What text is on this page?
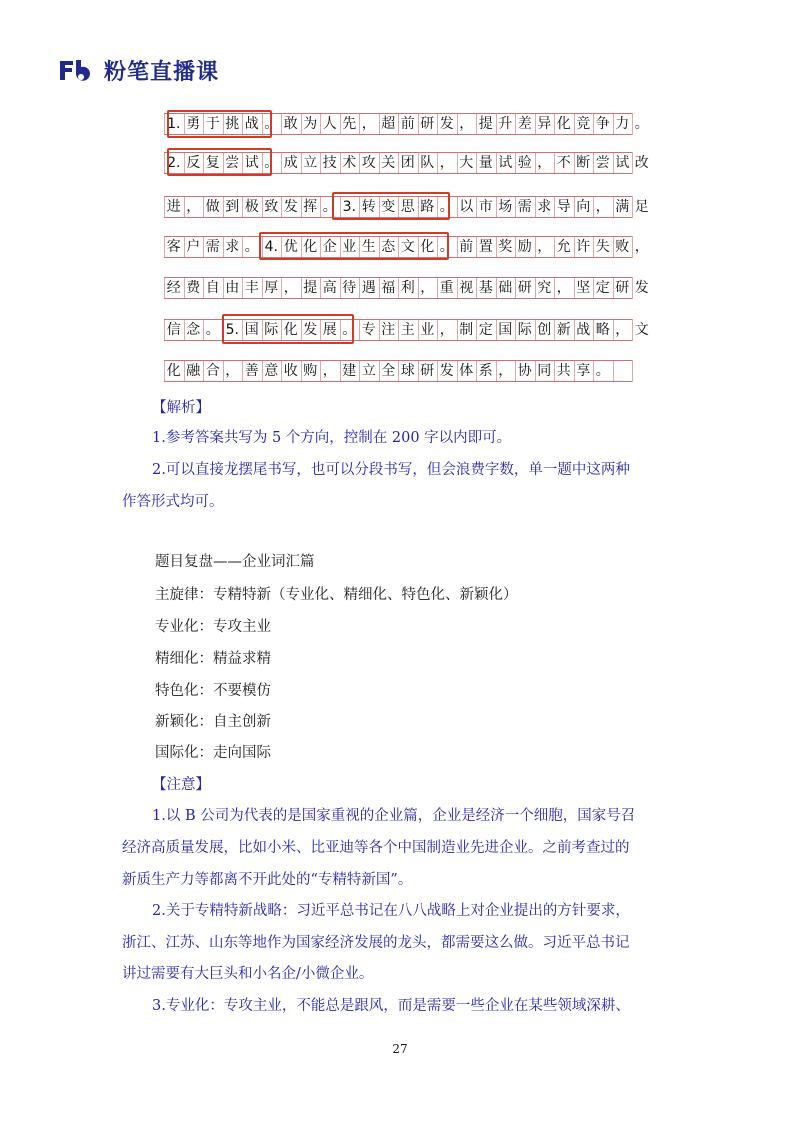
粉笔直播课
1. 勇 于 挑 战 。 敢 为 人 先 ， 超 前 研 发 ， 提 升 差 异 化 竞 争 力 。
2. 反 复 尝 试 。 成 立 技 术 攻 关 团 队 ， 大 量 试 验 ， 不 断 尝 试 改
进 ， 做 到 极 致 发 挥 。 3. 转 变 思 路 。 以 市 场 需 求 导 向 ， 满 足
客 户 需 求 。 4. 优 化 企 业 生 态 文 化 。 前 置 奖 励 ， 允 许 失 败 ，
经 费 自 由 丰 厚 ， 提 高 待 遇 福 利 ， 重 视 基 础 研 究 ， 坚 定 研 发
信 念 。 5. 国 际 化 发 展 。 专 注 主 业 ， 制 定 国 际 创 新 战 略 ， 文
化 融 合 ， 善 意 收 购 ， 建 立 全 球 研 发 体 系 ， 协 同 共 享 。
【解析】
1.参考答案共写为 5 个方向，控制在 200 字以内即可。
2.可以直接龙摆尾书写，也可以分段书写，但会浪费字数，单一题中这两种
作答形式均可。
题目复盘——企业词汇篇
主旋律：专精特新（专业化、精细化、特色化、新颖化）
专业化：专攻主业
精细化：精益求精
特色化：不要模仿
新颖化：自主创新
国际化：走向国际
【注意】
1.以 B 公司为代表的是国家重视的企业篇，企业是经济一个细胞，国家号召
经济高质量发展，比如小米、比亚迪等各个中国制造业先进企业。之前考查过的
新质生产力等都离不开此处的“专精特新国”。
2.关于专精特新战略：习近平总书记在八八战略上对企业提出的方针要求，
浙江、江苏、山东等地作为国家经济发展的龙头，都需要这么做。习近平总书记
讲过需要有大巨头和小名企/小微企业。
3.专业化：专攻主业，不能总是跟风，而是需要一些企业在某些领域深耕、
27
